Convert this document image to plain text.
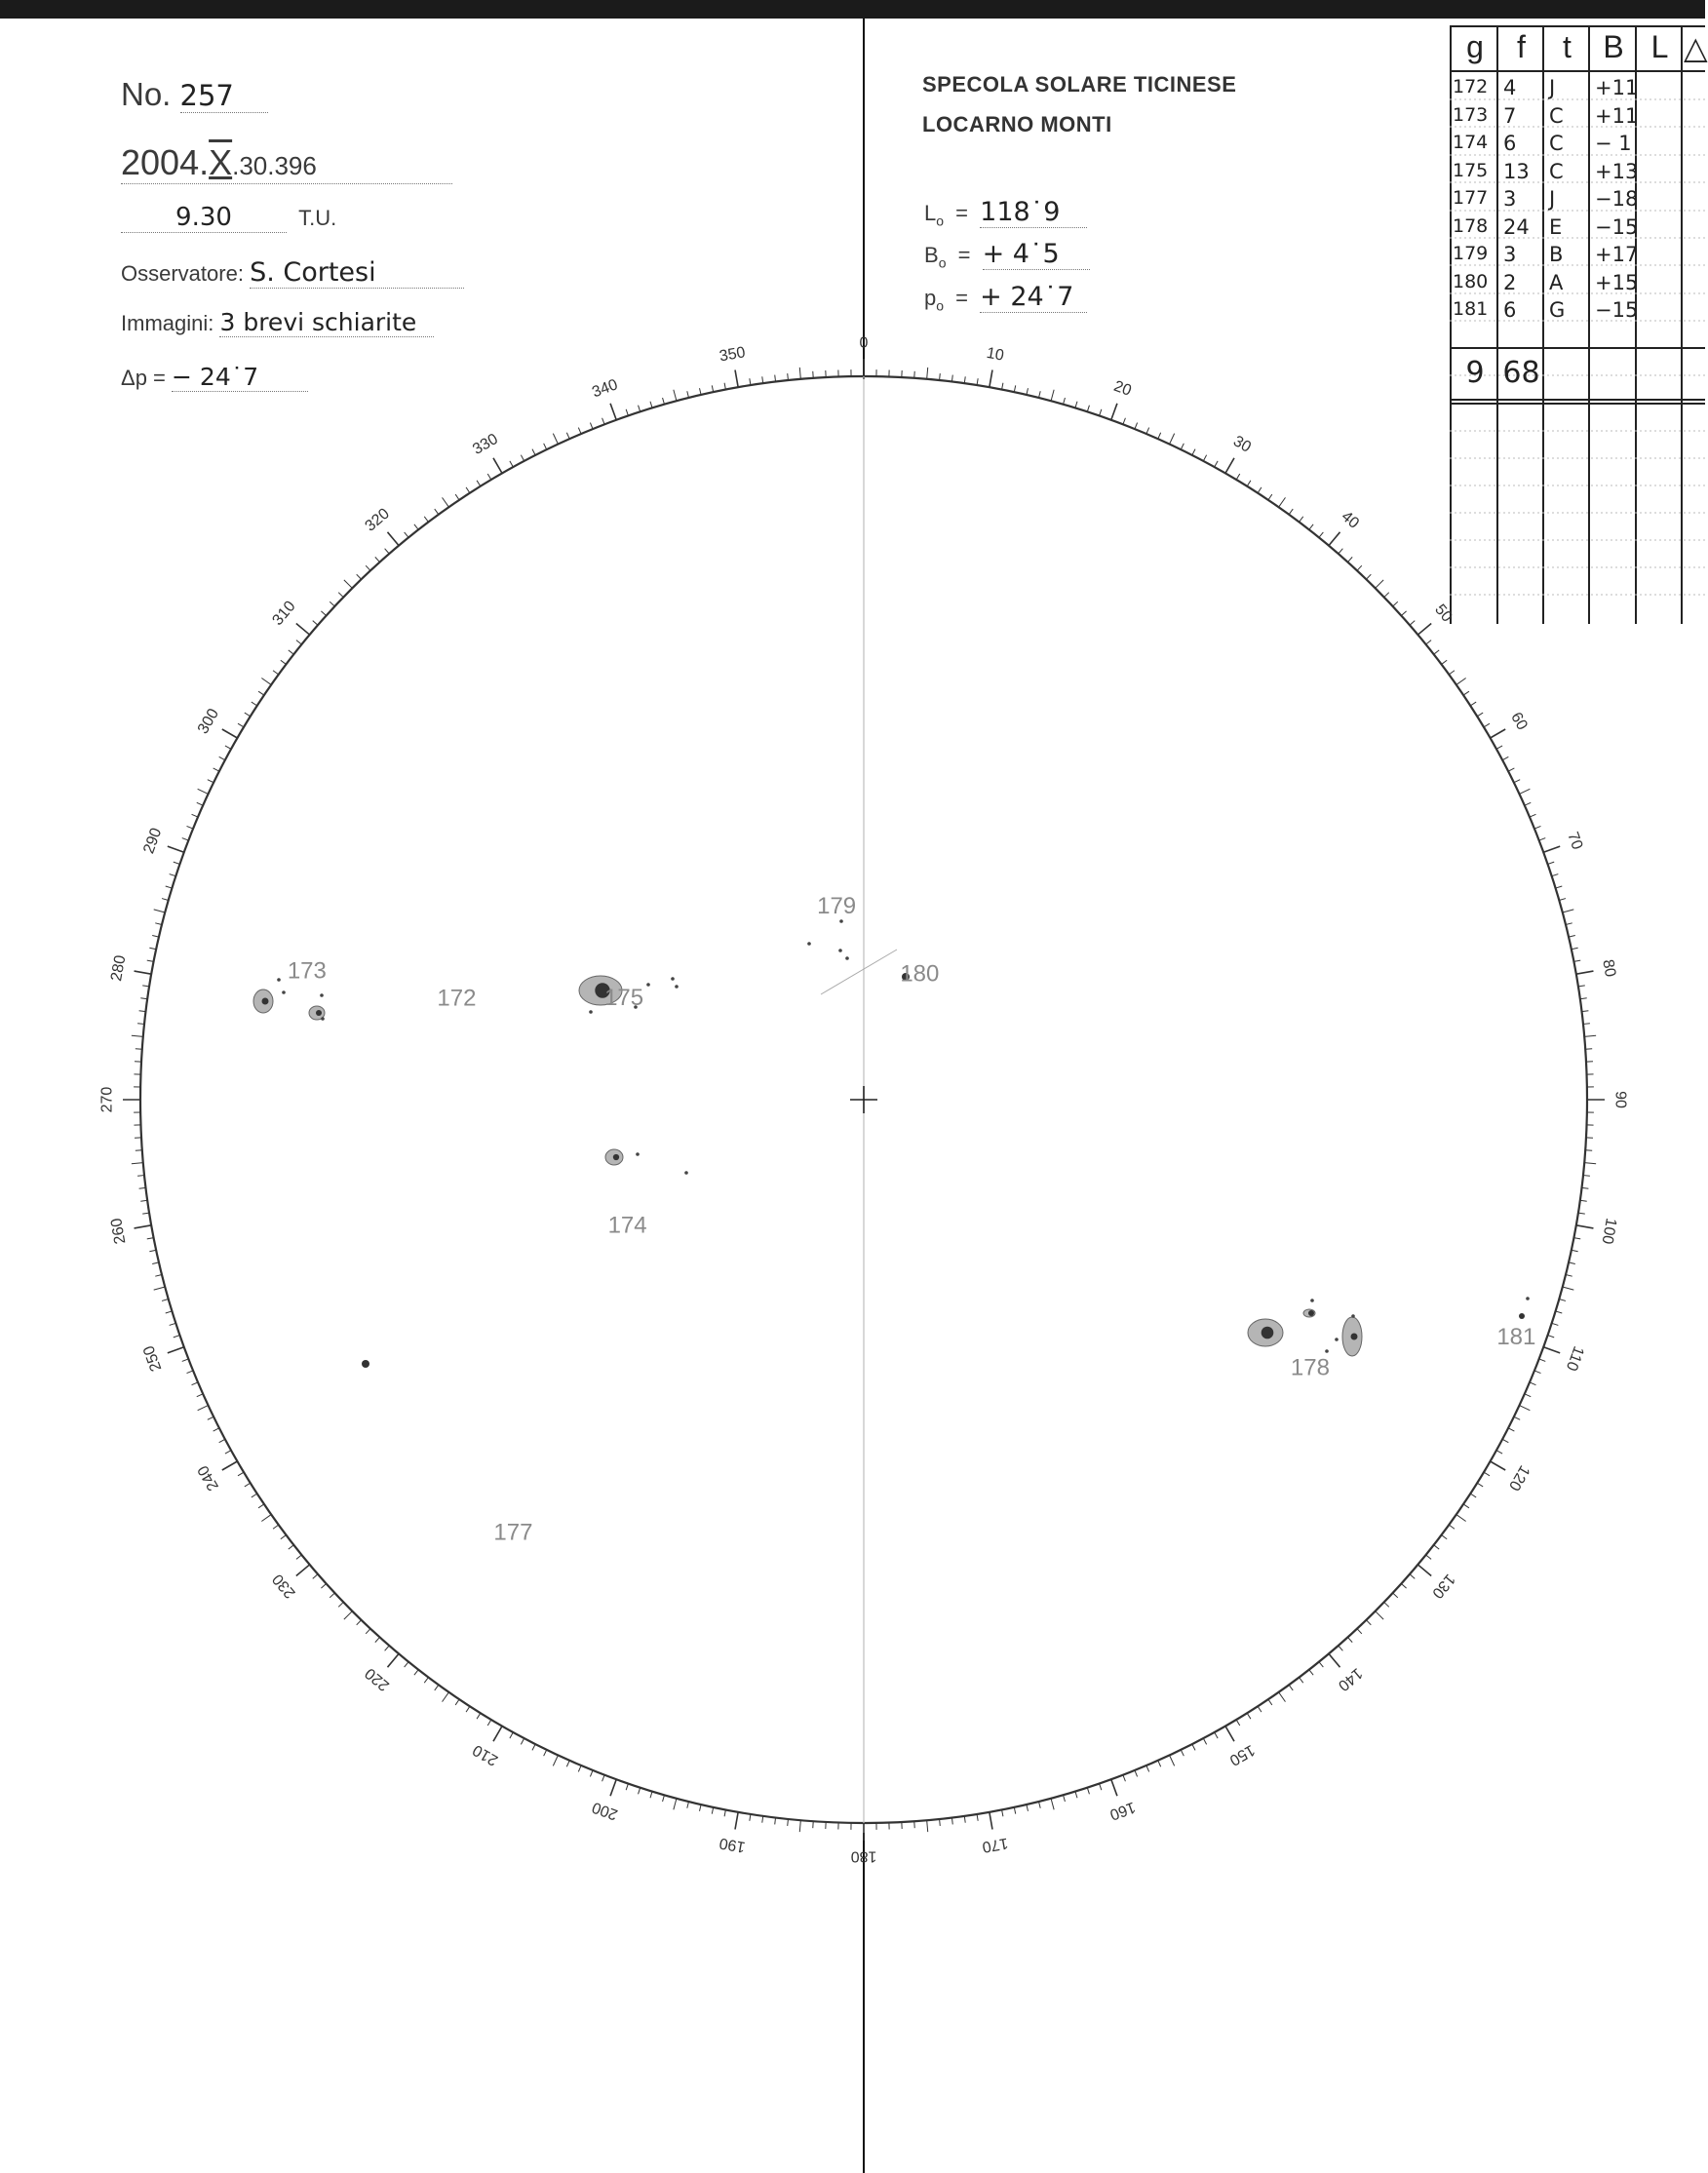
No. 257
2004.X.30.396
9.30	T.U.
Osservatore: S. Cortesi
Immagini: 3 brevi schiarite
Δp = − 24˙7
SPECOLA SOLARE TICINESE
LOCARNO MONTI
$L_o$ = 118˙9
$B_o$ = + 4˙5
$p_o$ = + 24˙7
g	f	t	B L △
172 4 J +11
173 7 C +11
174 6 C − 1
175 13 C +13
177 3 J −18
178 24 E −15
179 3 B +17
180 2 A +15
181 6 G −15
9 68
0
10
20
30
40
50
60
70
80
90
100
110
120
130
140
150
160
170
180
190
200
210
220
230
240
250
260
270
280
290
300
310
320
330
340
350
179
180
173
172	175
174
177
178
181
